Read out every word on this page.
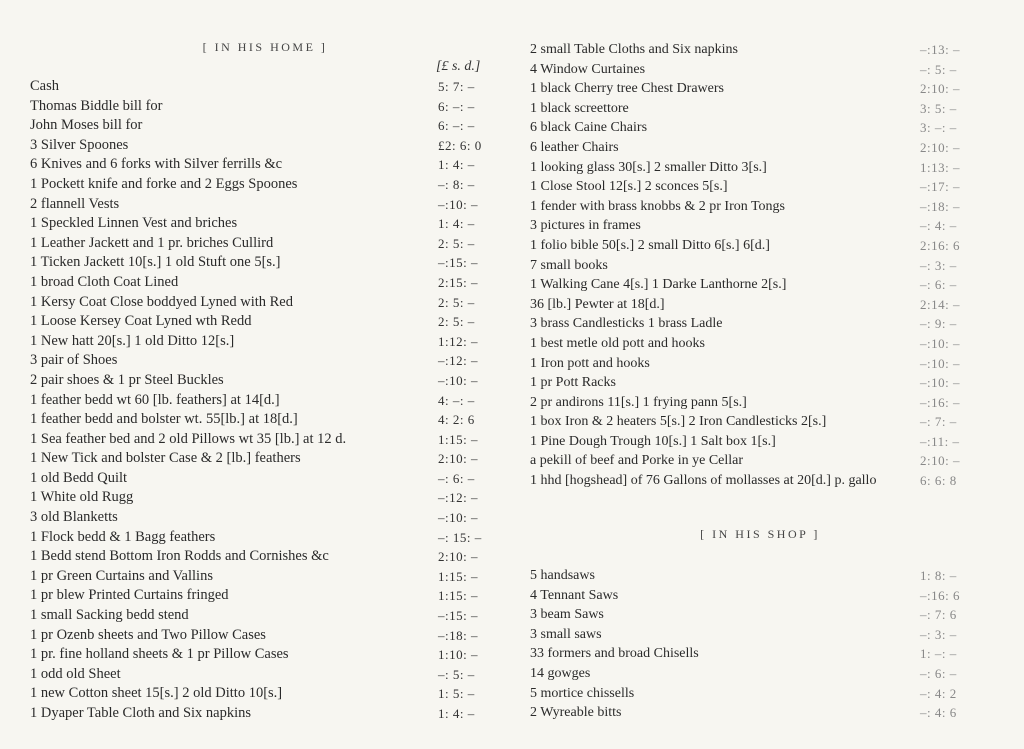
[ IN HIS HOME ]
[£ s. d.]
Cash	5: 7: –
Thomas Biddle bill for	6: –: –
John Moses bill for	6: –: –
3 Silver Spoones	£2: 6: 0
6 Knives and 6 forks with Silver ferrills &c	1: 4: –
1 Pockett knife and forke and 2 Eggs Spoones	–: 8: –
2 flannell Vests	–:10: –
1 Speckled Linnen Vest and briches	1: 4: –
1 Leather Jackett and 1 pr. briches Cullird	2: 5: –
1 Ticken Jackett 10[s.] 1 old Stuft one 5[s.]	–:15: –
1 broad Cloth Coat Lined	2:15: –
1 Kersy Coat Close boddyed Lyned with Red	2: 5: –
1 Loose Kersey Coat Lyned wth Redd	2: 5: –
1 New hatt 20[s.] 1 old Ditto 12[s.]	1:12: –
3 pair of Shoes	–:12: –
2 pair shoes & 1 pr Steel Buckles	–:10: –
1 feather bedd wt 60 [lb. feathers] at 14[d.]	4: –: –
1 feather bedd and bolster wt. 55[lb.] at 18[d.]	4: 2: 6
1 Sea feather bed and 2 old Pillows wt 35 [lb.] at 12 d.	1:15: –
1 New Tick and bolster Case & 2 [lb.] feathers	2:10: –
1 old Bedd Quilt	–: 6: –
1 White old Rugg	–:12: –
3 old Blanketts	–:10: –
1 Flock bedd & 1 Bagg feathers	–: 15: –
1 Bedd stend Bottom Iron Rodds and Cornishes &c	2:10: –
1 pr Green Curtains and Vallins	1:15: –
1 pr blew Printed Curtains fringed	1:15: –
1 small Sacking bedd stend	–:15: –
1 pr Ozenb sheets and Two Pillow Cases	–:18: –
1 pr. fine holland sheets & 1 pr Pillow Cases	1:10: –
1 odd old Sheet	–: 5: –
1 new Cotton sheet 15[s.] 2 old Ditto 10[s.]	1: 5: –
1 Dyaper Table Cloth and Six napkins	1: 4: –
2 small Table Cloths and Six napkins	–:13: –
4 Window Curtaines	–: 5: –
1 black Cherry tree Chest Drawers	2:10: –
1 black screettore	3: 5: –
6 black Caine Chairs	3: –: –
6 leather Chairs	2:10: –
1 looking glass 30[s.] 2 smaller Ditto 3[s.]	1:13: –
1 Close Stool 12[s.] 2 sconces 5[s.]	–:17: –
1 fender with brass knobbs & 2 pr Iron Tongs	–:18: –
3 pictures in frames	–: 4: –
1 folio bible 50[s.] 2 small Ditto 6[s.] 6[d.]	2:16: 6
7 small books	–: 3: –
1 Walking Cane 4[s.] 1 Darke Lanthorne 2[s.]	–: 6: –
36 [lb.] Pewter at 18[d.]	2:14: –
3 brass Candlesticks 1 brass Ladle	–: 9: –
1 best metle old pott and hooks	–:10: –
1 Iron pott and hooks	–:10: –
1 pr Pott Racks	–:10: –
2 pr andirons 11[s.] 1 frying pann 5[s.]	–:16: –
1 box Iron & 2 heaters 5[s.] 2 Iron Candlesticks 2[s.]	–: 7: –
1 Pine Dough Trough 10[s.] 1 Salt box 1[s.]	–:11: –
a pekill of beef and Porke in ye Cellar	2:10: –
1 hhd [hogshead] of 76 Gallons of mollasses at 20[d.] p. gallo	6: 6: 8
[ IN HIS SHOP ]
5 handsaws	1: 8: –
4 Tennant Saws	–:16: 6
3 beam Saws	–: 7: 6
3 small saws	–: 3: –
33 formers and broad Chisells	1: –: –
14 gowges	–: 6: –
5 mortice chissells	–: 4: 2
2 Wyreable bitts	–: 4: 6
